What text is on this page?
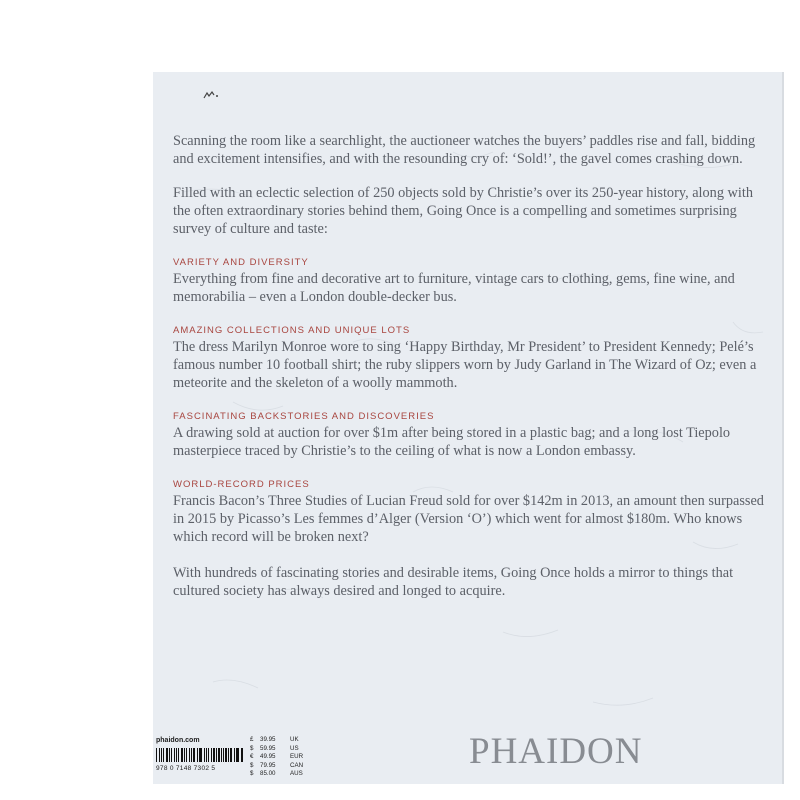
Scanning the room like a searchlight, the auctioneer watches the buyers’ paddles rise and fall, bidding and excitement intensifies, and with the resounding cry of: ‘Sold!’, the gavel comes crashing down.

Filled with an eclectic selection of 250 objects sold by Christie’s over its 250-year history, along with the often extraordinary stories behind them, Going Once is a compelling and sometimes surprising survey of culture and taste:

VARIETY AND DIVERSITY

Everything from fine and decorative art to furniture, vintage cars to clothing, gems, fine wine, and memorabilia – even a London double-decker bus.

AMAZING COLLECTIONS AND UNIQUE LOTS

The dress Marilyn Monroe wore to sing ‘Happy Birthday, Mr President’ to President Kennedy; Pelé’s famous number 10 football shirt; the ruby slippers worn by Judy Garland in The Wizard of Oz; even a meteorite and the skeleton of a woolly mammoth.

FASCINATING BACKSTORIES AND DISCOVERIES

A drawing sold at auction for over $1m after being stored in a plastic bag; and a long lost Tiepolo masterpiece traced by Christie’s to the ceiling of what is now a London embassy.

WORLD-RECORD PRICES

Francis Bacon’s Three Studies of Lucian Freud sold for over $142m in 2013, an amount then surpassed in 2015 by Picasso’s Les femmes d’Alger (Version ‘O’) which went for almost $180m. Who knows which record will be broken next?

With hundreds of fascinating stories and desirable items, Going Once holds a mirror to things that cultured society has always desired and longed to acquire.

phaidon.com
978 0 7148 7302 5
£	39.95	UK
$	59.95	US
€	49.95	EUR
$	79.95	CAN
$	85.00	AUS
PHAIDON
